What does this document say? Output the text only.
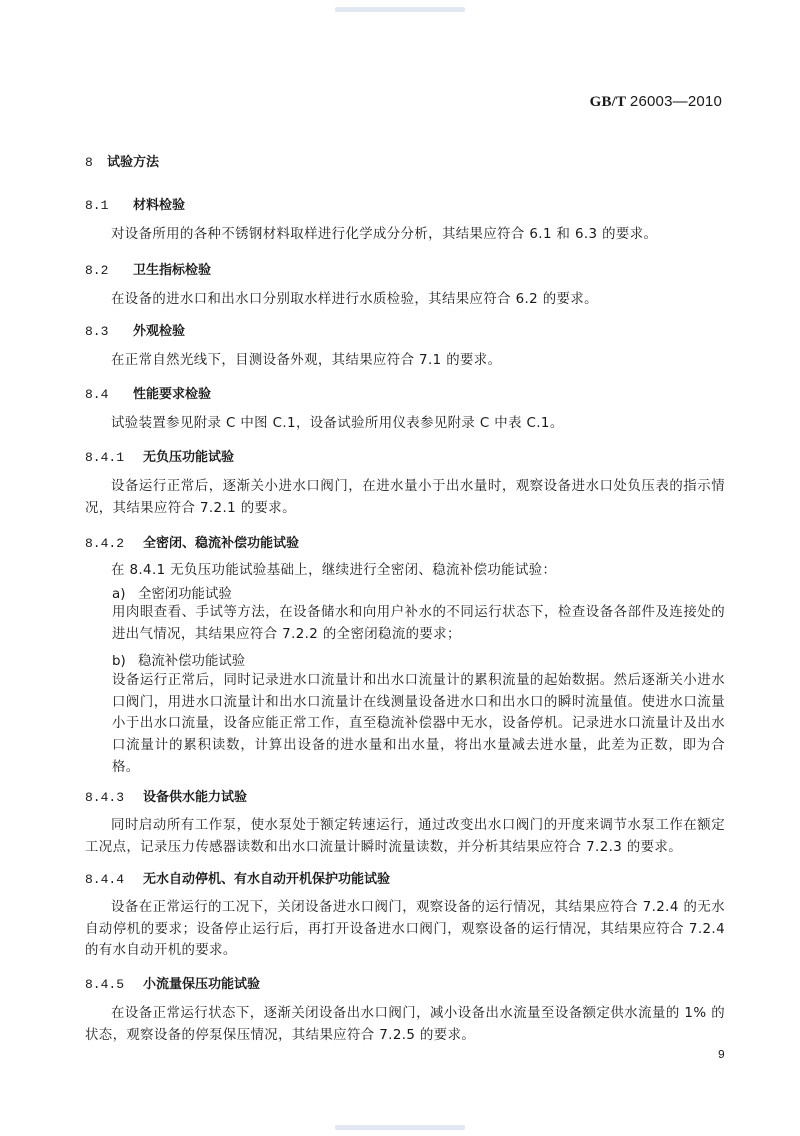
GB/T 26003—2010
8 试验方法
8.1 材料检验
对设备所用的各种不锈钢材料取样进行化学成分分析，其结果应符合 6.1 和 6.3 的要求。
8.2 卫生指标检验
在设备的进水口和出水口分别取水样进行水质检验，其结果应符合 6.2 的要求。
8.3 外观检验
在正常自然光线下，目测设备外观，其结果应符合 7.1 的要求。
8.4 性能要求检验
试验装置参见附录 C 中图 C.1，设备试验所用仪表参见附录 C 中表 C.1。
8.4.1 无负压功能试验
设备运行正常后，逐渐关小进水口阀门，在进水量小于出水量时，观察设备进水口处负压表的指示情况，其结果应符合 7.2.1 的要求。
8.4.2 全密闭、稳流补偿功能试验
在 8.4.1 无负压功能试验基础上，继续进行全密闭、稳流补偿功能试验：
a) 全密闭功能试验
用肉眼查看、手试等方法，在设备储水和向用户补水的不同运行状态下，检查设备各部件及连接处的进出气情况，其结果应符合 7.2.2 的全密闭稳流的要求；
b) 稳流补偿功能试验
设备运行正常后，同时记录进水口流量计和出水口流量计的累积流量的起始数据。然后逐渐关小进水口阀门，用进水口流量计和出水口流量计在线测量设备进水口和出水口的瞬时流量值。使进水口流量小于出水口流量，设备应能正常工作，直至稳流补偿器中无水，设备停机。记录进水口流量计及出水口流量计的累积读数，计算出设备的进水量和出水量，将出水量减去进水量，此差为正数，即为合格。
8.4.3 设备供水能力试验
同时启动所有工作泵，使水泵处于额定转速运行，通过改变出水口阀门的开度来调节水泵工作在额定工况点，记录压力传感器读数和出水口流量计瞬时流量读数，并分析其结果应符合 7.2.3 的要求。
8.4.4 无水自动停机、有水自动开机保护功能试验
设备在正常运行的工况下，关闭设备进水口阀门，观察设备的运行情况，其结果应符合 7.2.4 的无水自动停机的要求；设备停止运行后，再打开设备进水口阀门，观察设备的运行情况，其结果应符合 7.2.4的有水自动开机的要求。
8.4.5 小流量保压功能试验
在设备正常运行状态下，逐渐关闭设备出水口阀门，减小设备出水流量至设备额定供水流量的 1% 的状态，观察设备的停泵保压情况，其结果应符合 7.2.5 的要求。
9
